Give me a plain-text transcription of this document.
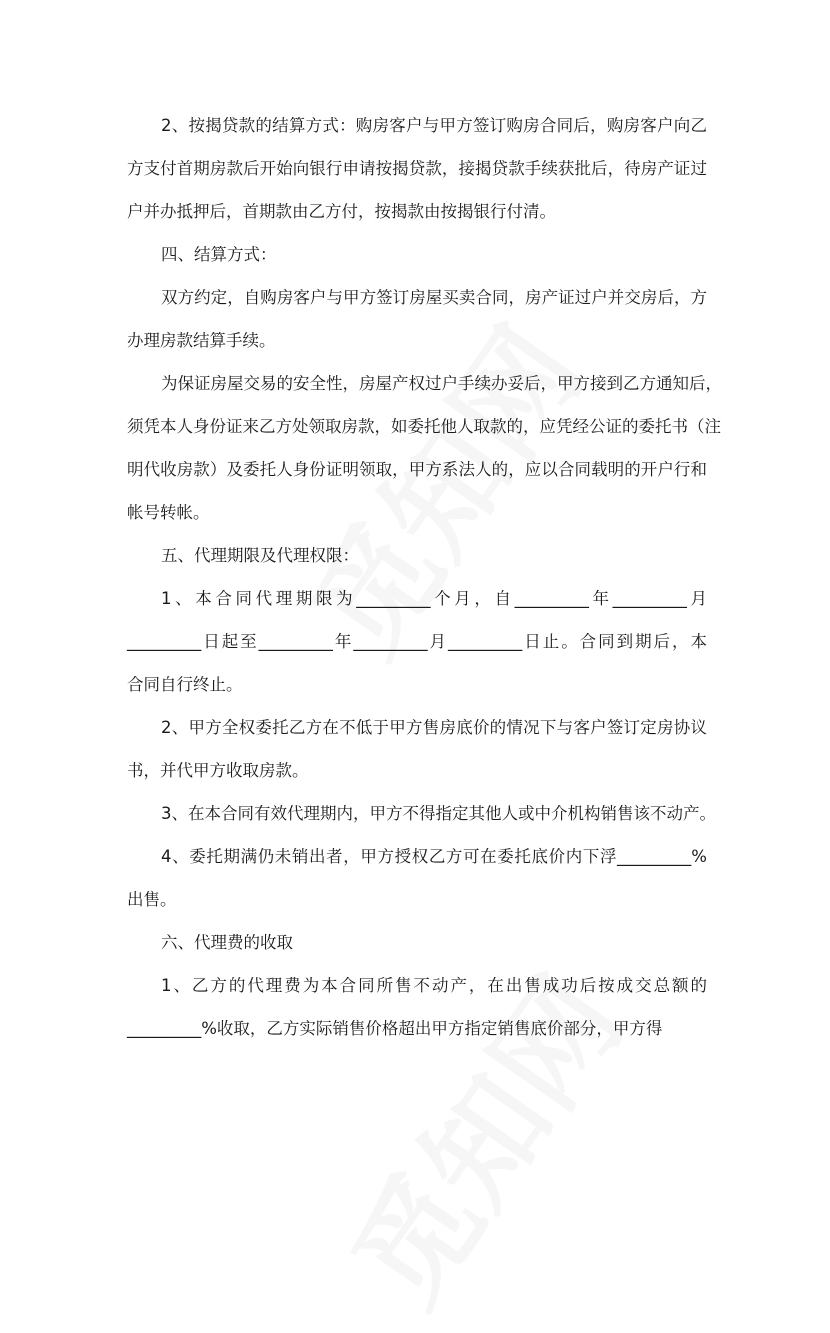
2、按揭贷款的结算方式：购房客户与甲方签订购房合同后，购房客户向乙
方支付首期房款后开始向银行申请按揭贷款，接揭贷款手续获批后，待房产证过
户并办抵押后，首期款由乙方付，按揭款由按揭银行付清。
四、结算方式：
双方约定，自购房客户与甲方签订房屋买卖合同，房产证过户并交房后，方
办理房款结算手续。
为保证房屋交易的安全性，房屋产权过户手续办妥后，甲方接到乙方通知后，
须凭本人身份证来乙方处领取房款，如委托他人取款的，应凭经公证的委托书（注
明代收房款）及委托人身份证明领取，甲方系法人的，应以合同载明的开户行和
帐号转帐。
五、代理期限及代理权限：
1、本合同代理期限为_________个月，自_________年_________月
_________日起至_________年_________月_________日止。合同到期后，本
合同自行终止。
2、甲方全权委托乙方在不低于甲方售房底价的情况下与客户签订定房协议
书，并代甲方收取房款。
3、在本合同有效代理期内，甲方不得指定其他人或中介机构销售该不动产。
4、委托期满仍未销出者，甲方授权乙方可在委托底价内下浮_________%
出售。
六、代理费的收取
1、乙方的代理费为本合同所售不动产，在出售成功后按成交总额的
_________%收取，乙方实际销售价格超出甲方指定销售底价部分，甲方得
